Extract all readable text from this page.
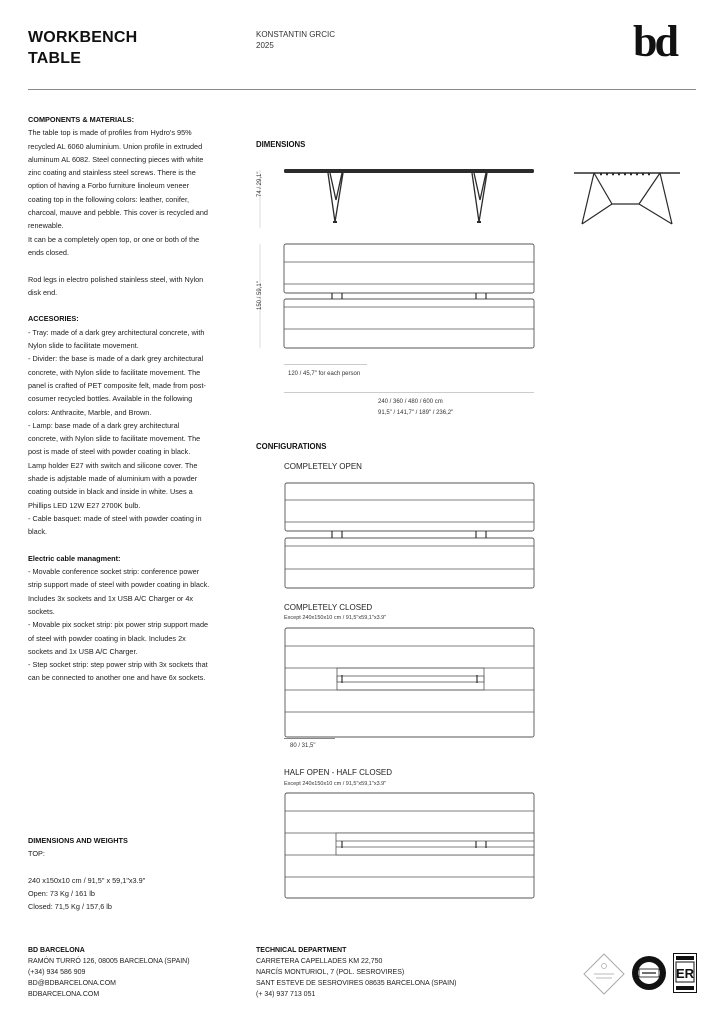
WORKBENCH
TABLE
KONSTANTIN GRCIC
2025	bd
COMPONENTS & MATERIALS:

The table top is made of profiles from Hydro's 95% recycled AL 6060 aluminium. Union profile in extruded aluminum AL 6082. Steel connecting pieces with white zinc coating and stainless steel screws. There is the option of having a Forbo furniture linoleum veneer coating top in the following colors: leather, conifer, charcoal, mauve and pebble. This cover is recycled and renewable.

It can be a completely open top, or one or both of the ends closed.

Rod legs in electro polished stainless steel, with Nylon disk end.

ACCESORIES:
- Tray: made of a dark grey architectural concrete, with Nylon slide to facilitate movement.
- Divider: the base is made of a dark grey architectural concrete, with Nylon slide to facilitate movement. The panel is crafted of PET composite felt, made from post-cosumer recycled bottles. Available in the following colors: Anthracite, Marble, and Brown.
- Lamp: base made of a dark grey architectural concrete, with Nylon slide to facilitate movement. The post is made of steel with powder coating in black. Lamp holder E27 with switch and silicone cover. The shade is adjstable made of aluminium with a powder coating outside in black and inside in white. Uses a Phillips LED 12W E27 2700K bulb.

- Cable basquet: made of steel with powder coating in black.

Electric cable managment:
- Movable conference socket strip: conference power strip support made of steel with powder coating in black. Includes 3x sockets and 1x USB A/C Charger or 4x sockets.
- Movable pix socket strip: pix power strip support made of steel with powder coating in black. Includes 2x sockets and 1x USB A/C Charger.

- Step socket strip: step power strip with 3x sockets that can be connected to another one and have 6x sockets.

DIMENSIONS AND WEIGHTS

TOP:

240 x150x10 cm / 91,5" x 59,1"x3.9"
Open: 73 Kg / 161 lb
Closed: 71,5 Kg / 157,6 lb
DIMENSIONS
74 / 29,1"
150 / 59,1"
120 / 45,7" for each person
240 / 360 / 480 / 600 cm
91,5" / 141,7" / 189" / 236,2"
CONFIGURATIONS
COMPLETELY OPEN
COMPLETELY CLOSED
Except 240x150x10 cm / 91,5"x59,1"x3.9"
80 / 31,5"
HALF OPEN - HALF CLOSED
Except 240x150x10 cm / 91,5"x59,1"x3.9"
BD BARCELONA
RAMÓN TURRÓ 126, 08005 BARCELONA (SPAIN)
(+34) 934 586 909
BD@BDBARCELONA.COM
BDBARCELONA.COM
TECHNICAL DEPARTMENT
CARRETERA CAPELLADES KM 22,750
NARCÍS MONTURIOL, 7 (POL. SESROVIRES)
SANT ESTEVE DE SESROVIRES 08635 BARCELONA (SPAIN)
(+ 34) 937 713 051
ER
